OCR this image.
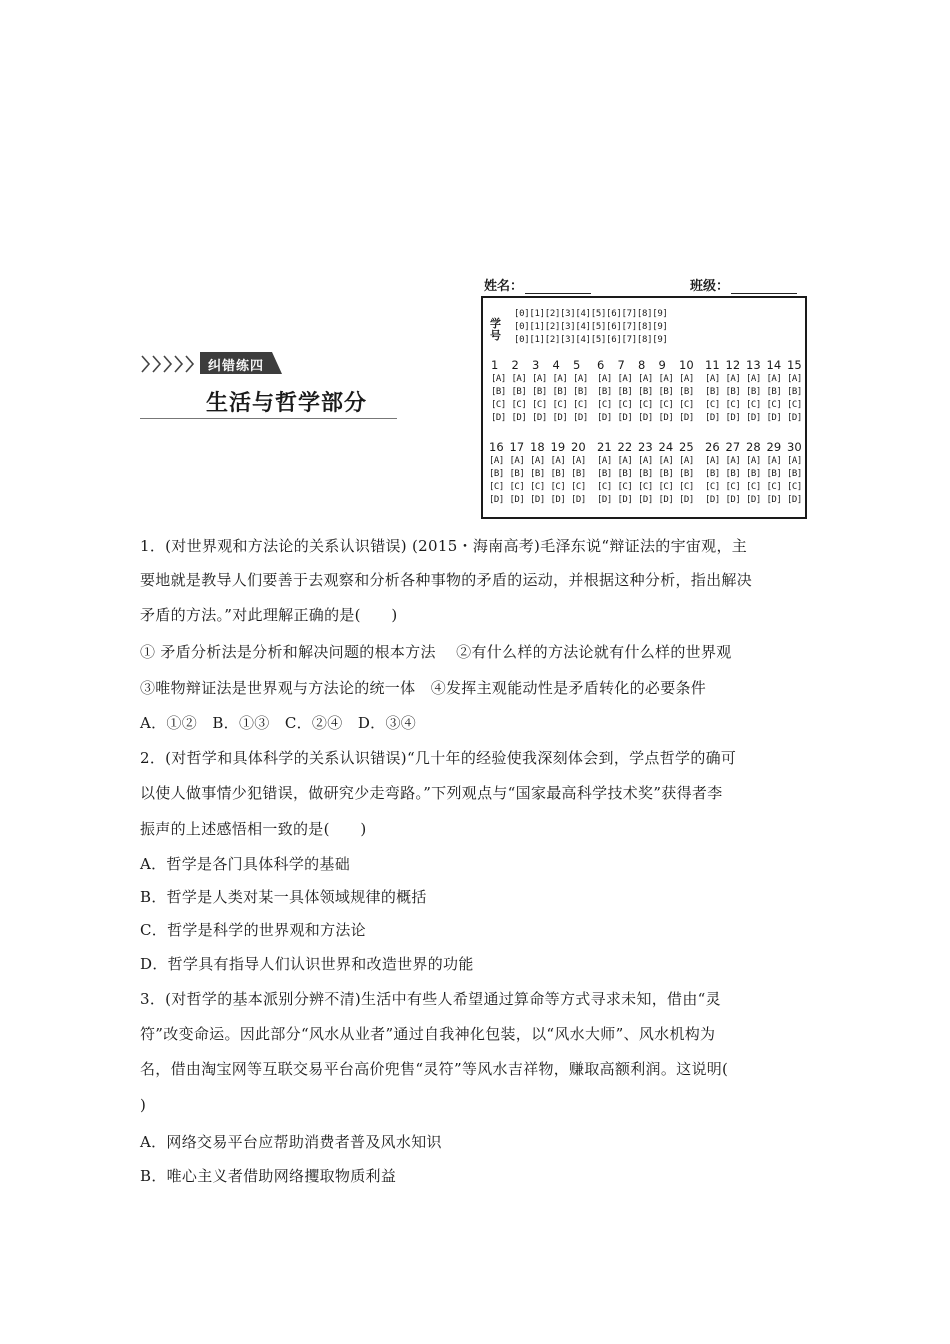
纠错练四
生活与哲学部分
姓名：	班级：
学号
[0][1][2][3][4][5][6][7][8][9]
[0][1][2][3][4][5][6][7][8][9]
[0][1][2][3][4][5][6][7][8][9]
1	2	3	4	5
[A] [A] [A] [A] [A]
[B] [B] [B] [B] [B]
[C] [C] [C] [C] [C]
[D] [D] [D] [D] [D]
6	7	8	9	10
[A] [A] [A] [A] [A]
[B] [B] [B] [B] [B]
[C] [C] [C] [C] [C]
[D] [D] [D] [D] [D]
11 12 13 14 15
[A] [A] [A] [A] [A]
[B] [B] [B] [B] [B]
[C] [C] [C] [C] [C]
[D] [D] [D] [D] [D]
16 17 18 19 20
[A] [A] [A] [A] [A]
[B] [B] [B] [B] [B]
[C] [C] [C] [C] [C]
[D] [D] [D] [D] [D]
21 22 23 24 25
[A] [A] [A] [A] [A]
[B] [B] [B] [B] [B]
[C] [C] [C] [C] [C]
[D] [D] [D] [D] [D]
26 27 28 29 30
[A] [A] [A] [A] [A]
[B] [B] [B] [B] [B]
[C] [C] [C] [C] [C]
[D] [D] [D] [D] [D]
1．(对世界观和方法论的关系认识错误) (2015・海南高考)毛泽东说“辩证法的宇宙观，主
要地就是教导人们要善于去观察和分析各种事物的矛盾的运动，并根据这种分析，指出解决
矛盾的方法。”对此理解正确的是(　　)
① 矛盾分析法是分析和解决问题的根本方法　 ②有什么样的方法论就有什么样的世界观
③唯物辩证法是世界观与方法论的统一体　④发挥主观能动性是矛盾转化的必要条件
A．①②　B．①③　C．②④　D．③④
2．(对哲学和具体科学的关系认识错误)“几十年的经验使我深刻体会到，学点哲学的确可
以使人做事情少犯错误，做研究少走弯路。”下列观点与“国家最高科学技术奖”获得者李
振声的上述感悟相一致的是(　　)
A．哲学是各门具体科学的基础
B．哲学是人类对某一具体领域规律的概括
C．哲学是科学的世界观和方法论
D．哲学具有指导人们认识世界和改造世界的功能
3．(对哲学的基本派别分辨不清)生活中有些人希望通过算命等方式寻求未知，借由“灵
符”改变命运。因此部分“风水从业者”通过自我神化包装，以“风水大师”、风水机构为
名，借由淘宝网等互联交易平台高价兜售“灵符”等风水吉祥物，赚取高额利润。这说明(
)
A．网络交易平台应帮助消费者普及风水知识
B．唯心主义者借助网络攫取物质利益
